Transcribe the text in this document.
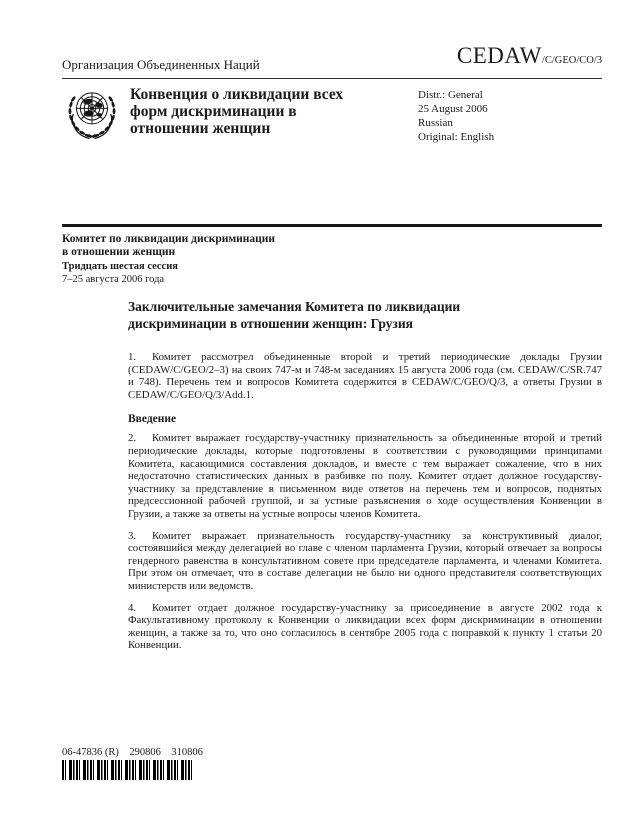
Организация Объединенных Наций	CEDAW/C/GEO/CO/3
Конвенция о ликвидации всех
форм дискриминации в
отношении женщин
Distr.: General
25 August 2006
Russian
Original: English
Комитет по ликвидации дискриминации
в отношении женщин
Тридцать шестая сессия
7–25 августа 2006 года
Заключительные замечания Комитета по ликвидации
дискриминации в отношении женщин: Грузия

1. Комитет рассмотрел объединенные второй и третий периодические доклады Грузии (CEDAW/C/GEO/2–3) на своих 747-м и 748-м заседаниях 15 августа 2006 года (см. CEDAW/C/SR.747 и 748). Перечень тем и вопросов Комитета содержится в CEDAW/C/GEO/Q/3, а ответы Грузии в CEDAW/C/GEO/Q/3/Add.1.

Введение

2. Комитет выражает государству-участнику признательность за объединенные второй и третий периодические доклады, которые подготовлены в соответствии с руководящими принципами Комитета, касающимися составления докладов, и вместе с тем выражает сожаление, что в них недостаточно статистических данных в разбивке по полу. Комитет отдает должное государству-участнику за представление в письменном виде ответов на перечень тем и вопросов, поднятых предсессионной рабочей группой, и за устные разъяснения о ходе осуществления Конвенции в Грузии, а также за ответы на устные вопросы членов Комитета.

3. Комитет выражает признательность государству-участнику за конструктивный диалог, состоявшийся между делегацией во главе с членом парламента Грузии, который отвечает за вопросы гендерного равенства в консультативном совете при председателе парламента, и членами Комитета. При этом он отмечает, что в составе делегации не было ни одного представителя соответствующих министерств или ведомств.

4. Комитет отдает должное государству-участнику за присоединение в августе 2002 года к Факультативному протоколу к Конвенции о ликвидации всех форм дискриминации в отношении женщин, а также за то, что оно согласилось в сентябре 2005 года с поправкой к пункту 1 статьи 20 Конвенции.

06-47836 (R)    290806    310806
